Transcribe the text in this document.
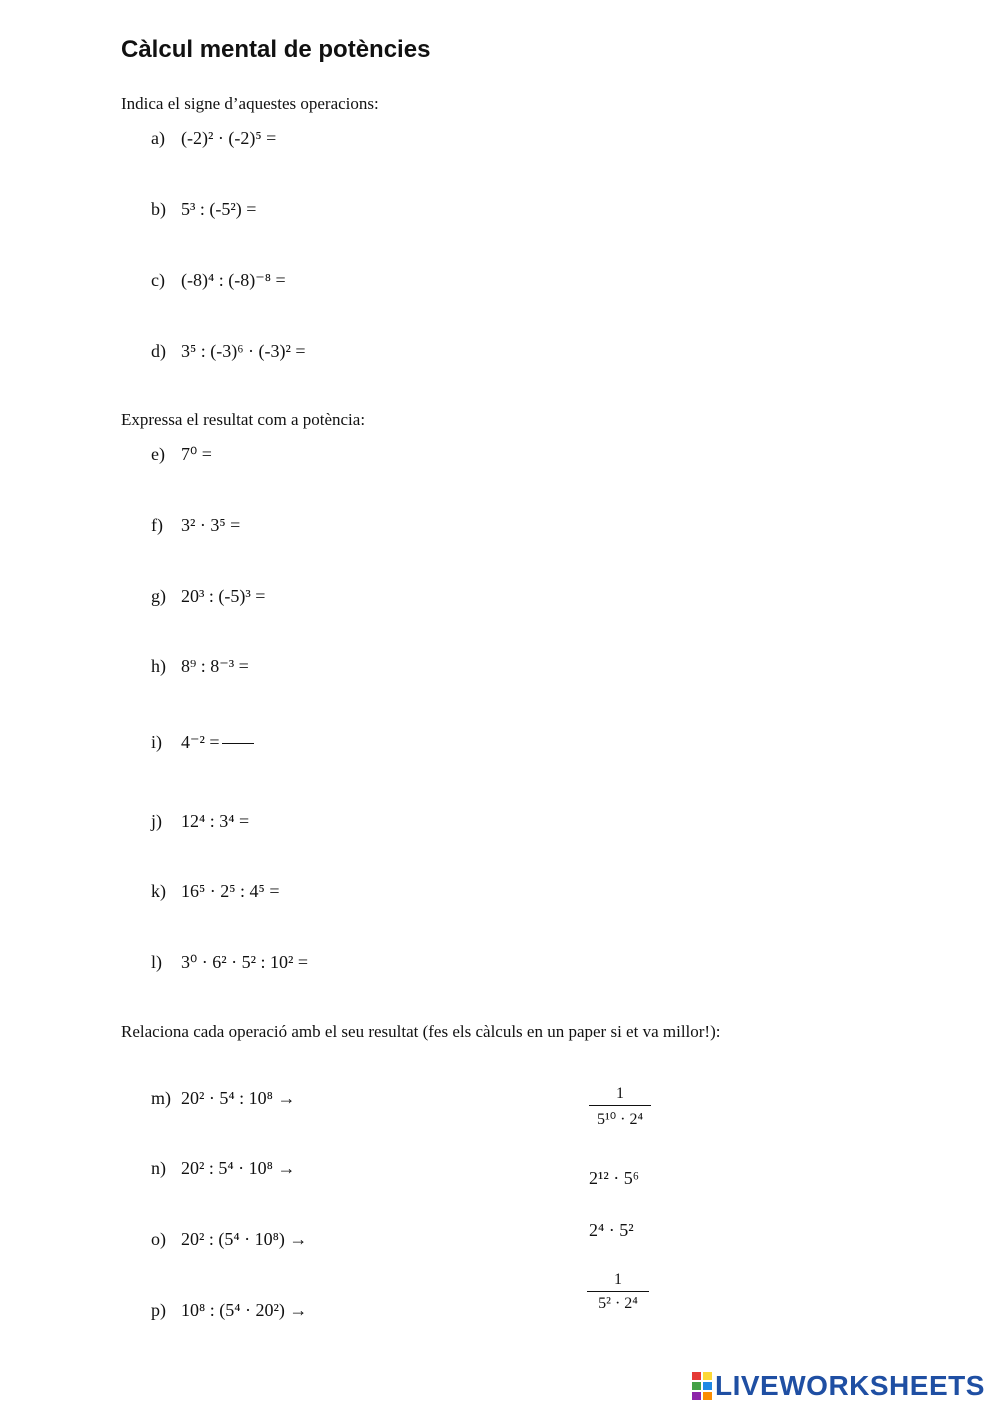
Càlcul mental de potències
Indica el signe d’aquestes operacions:
a) (-2)² · (-2)⁵ =
b) 5³ : (-5²) =
c) (-8)⁴ : (-8)⁻⁸ =
d) 3⁵ : (-3)⁶ · (-3)² =
Expressa el resultat com a potència:
e) 7⁰ =
f) 3² · 3⁵ =
g) 20³ : (-5)³ =
h) 8⁹ : 8⁻³ =
i) 4⁻² =
j) 12⁴ : 3⁴ =
k) 16⁵ · 2⁵ : 4⁵ =
l) 3⁰ · 6² · 5² : 10² =
Relaciona cada operació amb el seu resultat (fes els càlculs en un paper si et va millor!):
m) 20² · 5⁴ : 10⁸ →
n) 20² : 5⁴ · 10⁸ →
o) 20² : (5⁴ · 10⁸) →
p) 10⁸ : (5⁴ · 20²) →
$\frac{1}{\text{5¹⁰ · 2⁴}}$
2¹² · 5⁶
2⁴ · 5²
$\frac{1}{\text{5² · 2⁴}}$
LIVEWORKSHEETS
